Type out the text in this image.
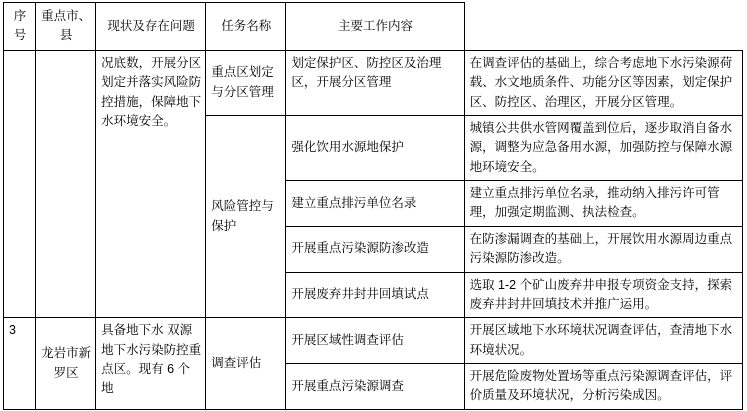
序号	重点市、县	现状及存在问题	任务名称	主要工作内容
		况底数，开展分区划定并落实风险防控措施，保障地下水环境安全。	重点区划定与分区管理	划定保护区、防控区及治理区，开展分区管理	在调查评估的基础上，综合考虑地下水污染源荷载、水文地质条件、功能分区等因素，划定保护区、防控区、治理区，开展分区管理。
			风险管控与保护	强化饮用水源地保护	城镇公共供水管网覆盖到位后，逐步取消自备水源，调整为应急备用水源，加强防控与保障水源地环境安全。
				建立重点排污单位名录	建立重点排污单位名录，推动纳入排污许可管理，加强定期监测、执法检查。
				开展重点污染源防渗改造	在防渗漏调查的基础上，开展饮用水源周边重点污染源防渗改造。
				开展废弃井封井回填试点	选取 1-2 个矿山废弃井申报专项资金支持，探索废弃井封井回填技术并推广运用。
3	龙岩市新罗区	具备地下水 双源地下水污染防控重点区。现有 6 个地	调查评估	开展区域性调查评估	开展区域地下水环境状况调查评估，查清地下水环境状况。
				开展重点污染源调查	开展危险废物处置场等重点污染源调查评估，评价质量及环境状况，分析污染成因。
